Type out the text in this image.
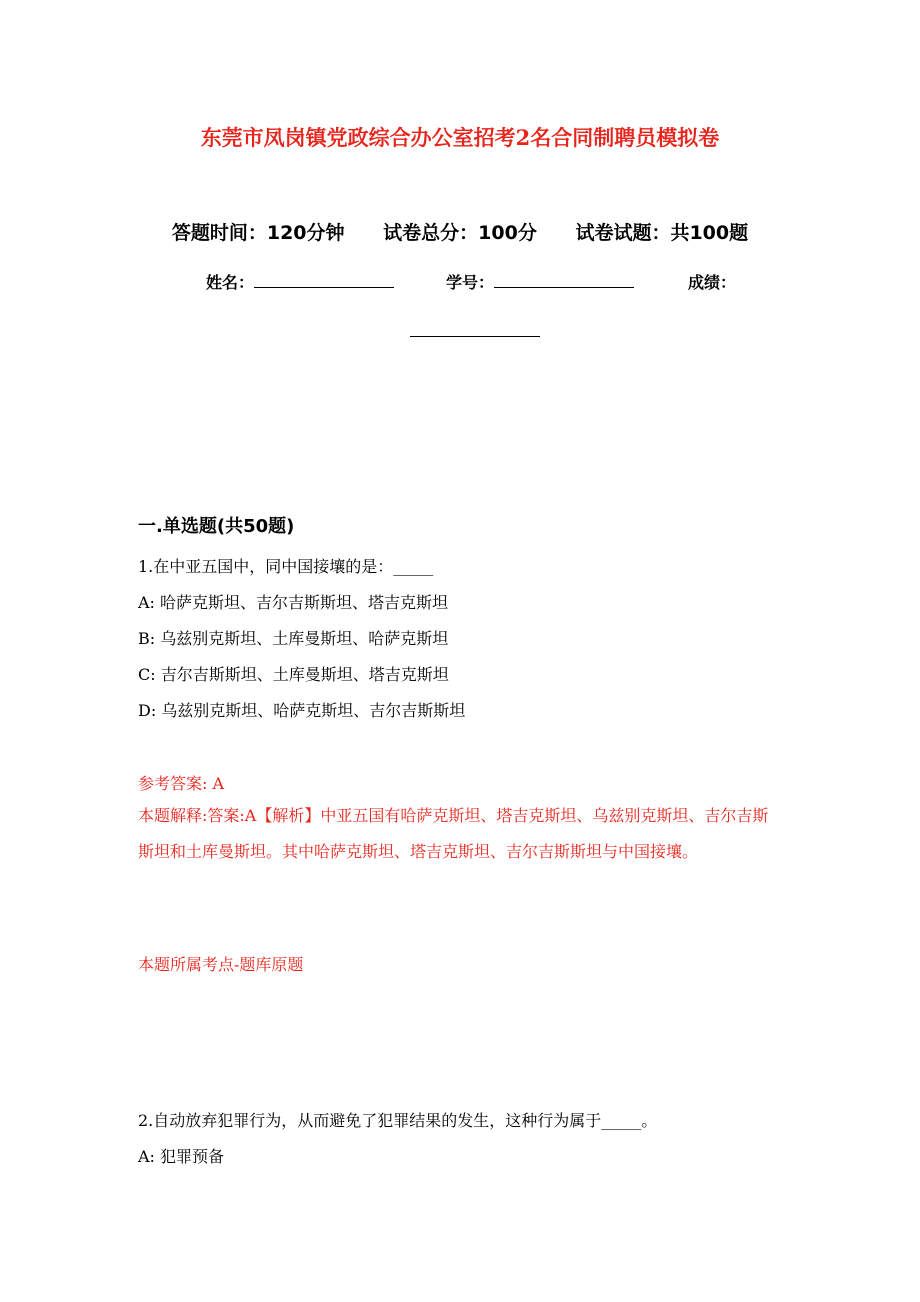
东莞市凤岗镇党政综合办公室招考2名合同制聘员模拟卷
答题时间：120分钟 试卷总分：100分 试卷试题：共100题
姓名：	学号：	成绩：
一.单选题(共50题)
1.在中亚五国中，同中国接壤的是：_____
A: 哈萨克斯坦、吉尔吉斯斯坦、塔吉克斯坦
B: 乌兹别克斯坦、土库曼斯坦、哈萨克斯坦
C: 吉尔吉斯斯坦、土库曼斯坦、塔吉克斯坦
D: 乌兹别克斯坦、哈萨克斯坦、吉尔吉斯斯坦
参考答案: A
本题解释:答案:A【解析】中亚五国有哈萨克斯坦、塔吉克斯坦、乌兹别克斯坦、吉尔吉斯斯坦和土库曼斯坦。其中哈萨克斯坦、塔吉克斯坦、吉尔吉斯斯坦与中国接壤。
本题所属考点-题库原题
2.自动放弃犯罪行为，从而避免了犯罪结果的发生，这种行为属于_____。
A: 犯罪预备
